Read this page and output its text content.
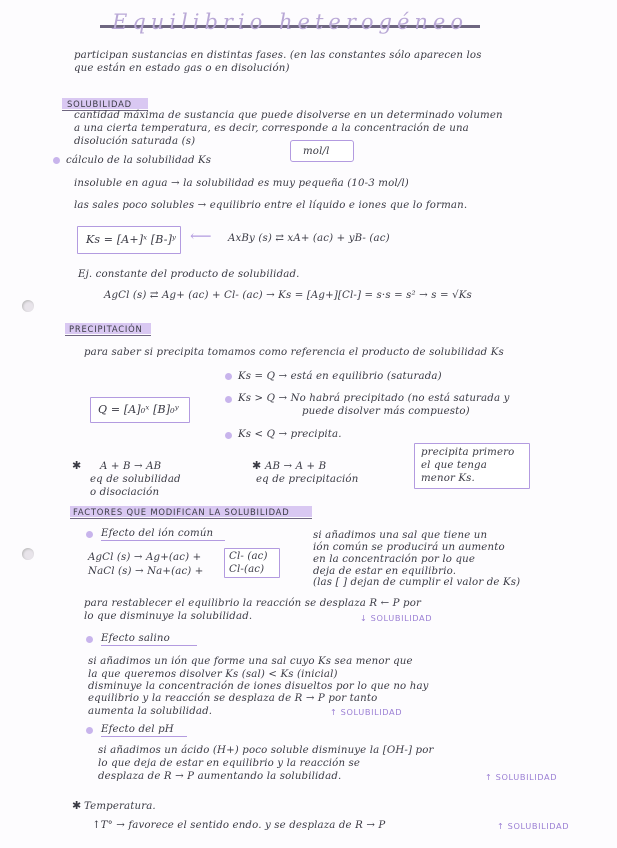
Equilibrio heterogéneo
participan sustancias en distintas fases. (en las constantes sólo aparecen los
que están en estado gas o en disolución)
SOLUBILIDAD
cantidad máxima de sustancia que puede disolverse en un determinado volumen
a una cierta temperatura, es decir, corresponde a la concentración de una
disolución saturada (s)
mol/l
cálculo de la solubilidad Ks
insoluble en agua → la solubilidad es muy pequeña (10-3 mol/l)
las sales poco solubles → equilibrio entre el líquido e iones que lo forman.
Ks = [A+]ˣ [B-]ʸ ⟵ AxBy (s) ⇄ xA+ (ac) + yB- (ac)
Ej. constante del producto de solubilidad.
AgCl (s) ⇄ Ag+ (ac) + Cl- (ac) → Ks = [Ag+][Cl-] = s·s = s² → s = √Ks
PRECIPITACIÓN
para saber si precipita tomamos como referencia el producto de solubilidad Ks
Ks = Q → está en equilibrio (saturada)
Q = [A]₀ˣ [B]₀ʸ
Ks > Q → No habrá precipitado (no está saturada y
puede disolver más compuesto)
Ks < Q → precipita.
✱ A + B → AB
eq de solubilidad
o disociación
✱ AB → A + B
eq de precipitación
precipita primero
el que tenga
menor Ks.
FACTORES QUE MODIFICAN LA SOLUBILIDAD
Efecto del ión común
AgCl (s) → Ag+(ac) +
NaCl (s) → Na+(ac) +
Cl- (ac)
Cl-(ac)
si añadimos una sal que tiene un
ión común se producirá un aumento
en la concentración por lo que
deja de estar en equilibrio.
(las [ ] dejan de cumplir el valor de Ks)
para restablecer el equilibrio la reacción se desplaza R ← P por
lo que disminuye la solubilidad.	↓ SOLUBILIDAD
Efecto salino
si añadimos un ión que forme una sal cuyo Ks sea menor que
la que queremos disolver Ks (sal) < Ks (inicial)
disminuye la concentración de iones disueltos por lo que no hay
equilibrio y la reacción se desplaza de R → P por tanto
aumenta la solubilidad.	↑ SOLUBILIDAD
Efecto del pH
si añadimos un ácido (H+) poco soluble disminuye la [OH-] por
lo que deja de estar en equilibrio y la reacción se
desplaza de R → P aumentando la solubilidad.	↑ SOLUBILIDAD
✱ Temperatura.
↑T° → favorece el sentido endo. y se desplaza de R → P	↑ SOLUBILIDAD
